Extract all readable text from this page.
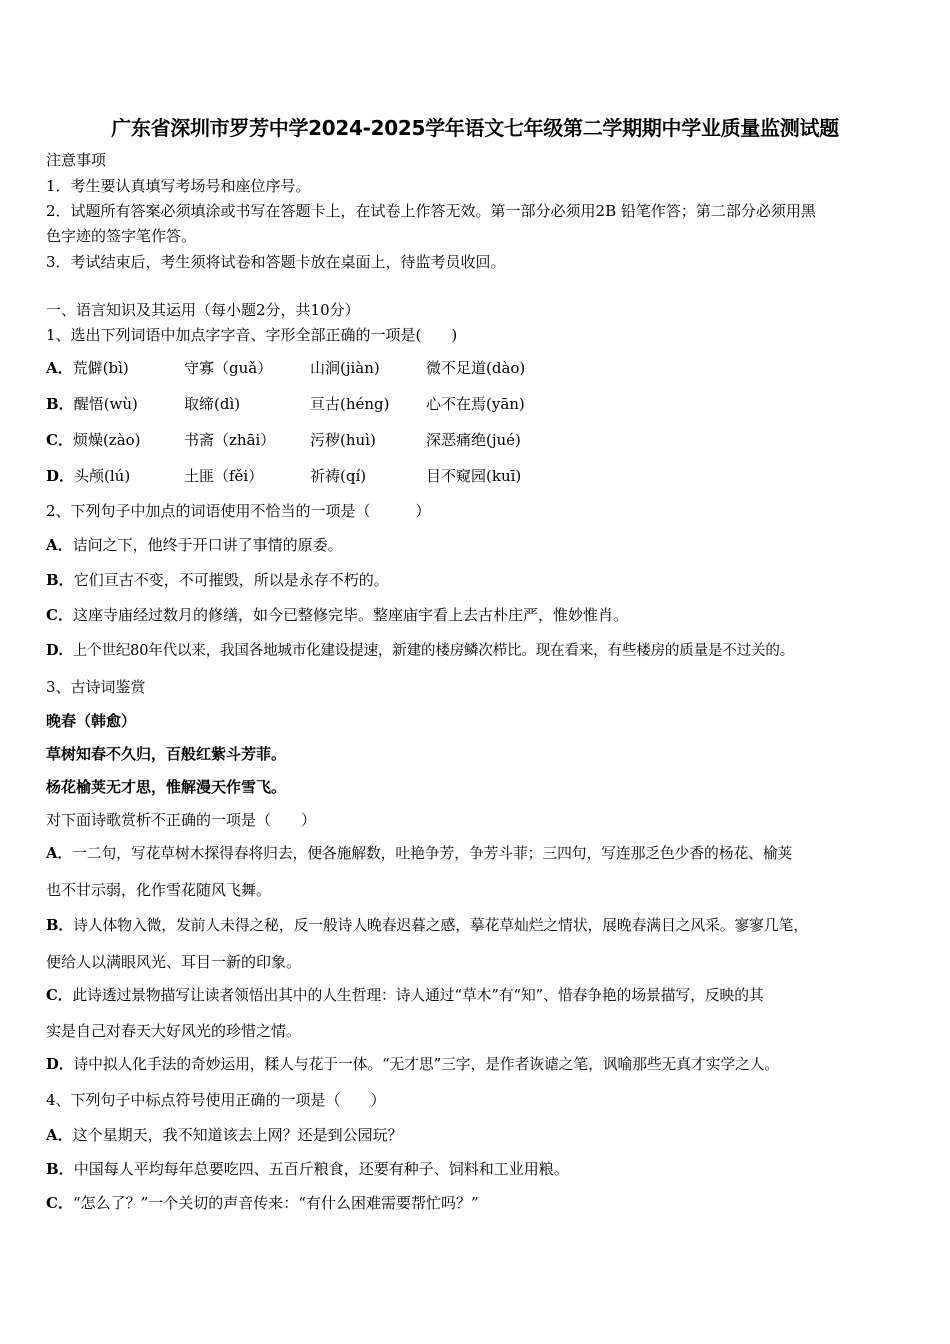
广东省深圳市罗芳中学2024-2025学年语文七年级第二学期期中学业质量监测试题
注意事项
1．考生要认真填写考场号和座位序号。
2．试题所有答案必须填涂或书写在答题卡上，在试卷上作答无效。第一部分必须用2B 铅笔作答；第二部分必须用黑
色字迹的签字笔作答。
3．考试结束后，考生须将试卷和答题卡放在桌面上，待监考员收回。
一、语言知识及其运用（每小题2分，共10分）
1、选出下列词语中加点字字音、字形全部正确的一项是(　　)
A．荒僻(bì)	守寡（guǎ）	山涧(jiàn)	微不足道(dào)
B．醒悟(wù)	取缔(dì)	亘古(héng) 心不在焉(yān)
C．烦燥(zào)	书斋（zhāi） 污秽(huì)	深恶痛绝(jué)
D．头颅(lú)	土匪（fěi）	祈祷(qí)	目不窥园(kuī)
2、下列句子中加点的词语使用不恰当的一项是（　　　）
A．诘问之下，他终于开口讲了事情的原委。
B．它们亘古不变，不可摧毁，所以是永存不朽的。
C．这座寺庙经过数月的修缮，如今已整修完毕。整座庙宇看上去古朴庄严，惟妙惟肖。
D．上个世纪80年代以来，我国各地城市化建设提速，新建的楼房鳞次栉比。现在看来，有些楼房的质量是不过关的。
3、古诗词鉴赏
晚春（韩愈）
草树知春不久归，百般红紫斗芳菲。
杨花榆荚无才思，惟解漫天作雪飞。
对下面诗歌赏析不正确的一项是（　　）
A．一二句，写花草树木探得春将归去，便各施解数，吐艳争芳，争芳斗菲；三四句，写连那乏色少香的杨花、榆荚
也不甘示弱，化作雪花随风飞舞。
B．诗人体物入微，发前人未得之秘，反一般诗人晚春迟暮之感，摹花草灿烂之情状，展晚春满目之风采。寥寥几笔，
便给人以满眼风光、耳目一新的印象。
C．此诗透过景物描写让读者领悟出其中的人生哲理：诗人通过“草木”有“知”、惜春争艳的场景描写，反映的其
实是自己对春天大好风光的珍惜之情。
D．诗中拟人化手法的奇妙运用，糅人与花于一体。“无才思”三字，是作者诙谑之笔，讽喻那些无真才实学之人。
4、下列句子中标点符号使用正确的一项是（　　）
A．这个星期天，我不知道该去上网？还是到公园玩？
B．中国每人平均每年总要吃四、五百斤粮食，还要有种子、饲料和工业用粮。
C．“怎么了？”一个关切的声音传来：“有什么困难需要帮忙吗？”
